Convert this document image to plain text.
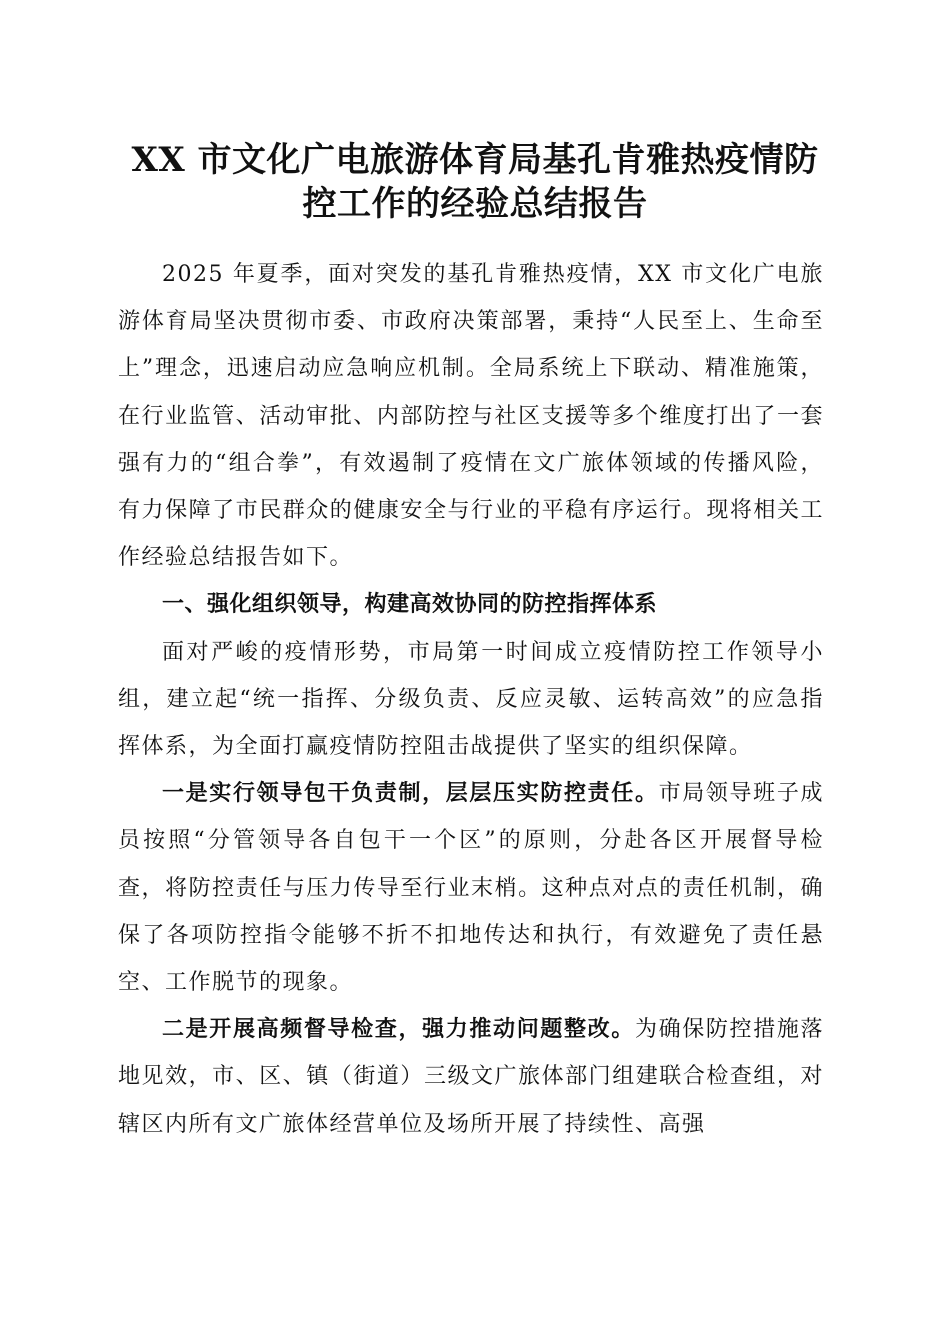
XX 市文化广电旅游体育局基孔肯雅热疫情防
控工作的经验总结报告

2025 年夏季，面对突发的基孔肯雅热疫情，XX 市文化广电旅游体育局坚决贯彻市委、市政府决策部署，秉持“人民至上、生命至上”理念，迅速启动应急响应机制。全局系统上下联动、精准施策，在行业监管、活动审批、内部防控与社区支援等多个维度打出了一套强有力的“组合拳”，有效遏制了疫情在文广旅体领域的传播风险，有力保障了市民群众的健康安全与行业的平稳有序运行。现将相关工作经验总结报告如下。

一、强化组织领导，构建高效协同的防控指挥体系

面对严峻的疫情形势，市局第一时间成立疫情防控工作领导小组，建立起“统一指挥、分级负责、反应灵敏、运转高效”的应急指挥体系，为全面打赢疫情防控阻击战提供了坚实的组织保障。

一是实行领导包干负责制，层层压实防控责任。市局领导班子成员按照“分管领导各自包干一个区”的原则，分赴各区开展督导检查，将防控责任与压力传导至行业末梢。这种点对点的责任机制，确保了各项防控指令能够不折不扣地传达和执行，有效避免了责任悬空、工作脱节的现象。

二是开展高频督导检查，强力推动问题整改。为确保防控措施落地见效，市、区、镇（街道）三级文广旅体部门组建联合检查组，对辖区内所有文广旅体经营单位及场所开展了持续性、高强
